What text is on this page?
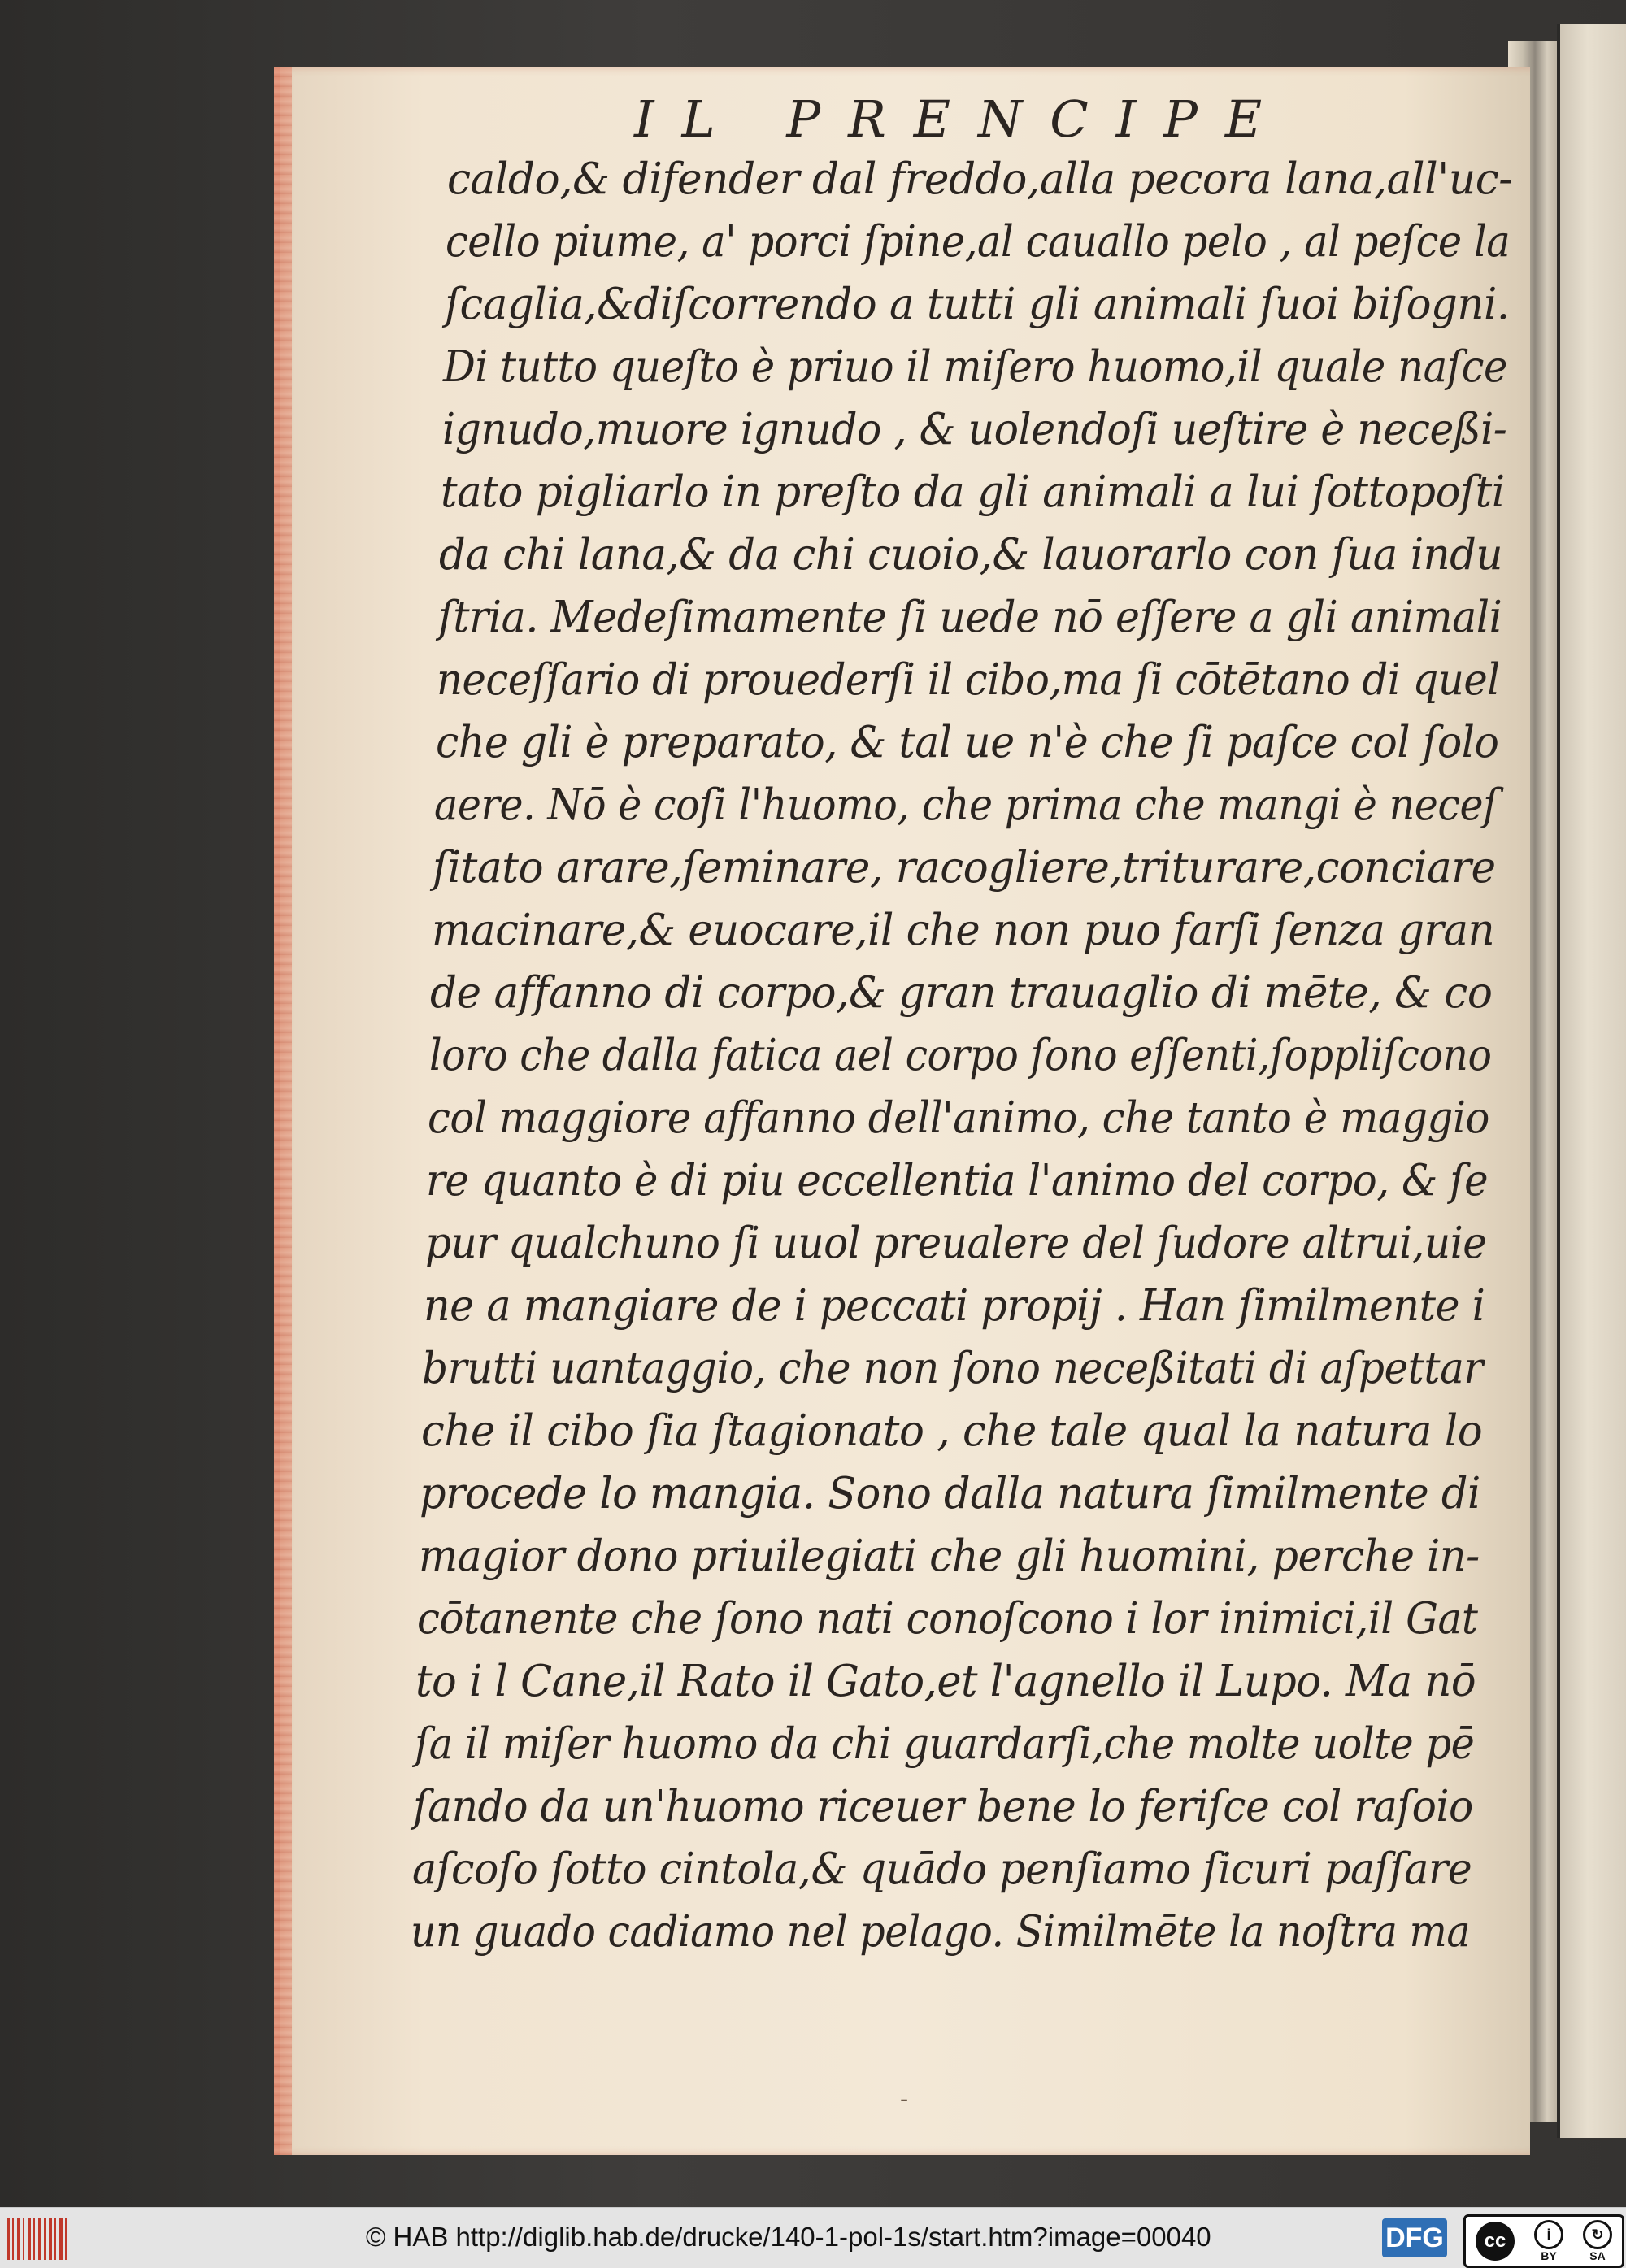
IL PRENCIPE
caldo,& difender dal freddo,alla pecora lana,all'uc-
cello piume, a' porci ſpine,al cauallo pelo , al peſce la
ſcaglia,&diſcorrendo a tutti gli animali ſuoi biſogni.
Di tutto queſto è priuo il miſero huomo,il quale naſce
ignudo,muore ignudo , & uolendoſi ueſtire è neceßi-
tato pigliarlo in preſto da gli animali a lui ſottopoſti
da chi lana,& da chi cuoio,& lauorarlo con ſua indu
ſtria. Medeſimamente ſi uede nō eſſere a gli animali
neceſſario di prouederſi il cibo,ma ſi cōtētano di quel
che gli è preparato, & tal ue n'è che ſi paſce col ſolo
aere. Nō è coſi l'huomo, che prima che mangi è neceſ
ſitato arare,ſeminare, racogliere,triturare,conciare
macinare,& euocare,il che non puo farſi ſenza gran
de affanno di corpo,& gran trauaglio di mēte, & co
loro che dalla fatica ael corpo ſono eſſenti,ſoppliſcono
col maggiore affanno dell'animo, che tanto è maggio
re quanto è di piu eccellentia l'animo del corpo, & ſe
pur qualchuno ſi uuol preualere del ſudore altrui,uie
ne a mangiare de i peccati propij . Han ſimilmente i
brutti uantaggio, che non ſono neceßitati di aſpettar
che il cibo ſia ſtagionato , che tale qual la natura lo
procede lo mangia. Sono dalla natura ſimilmente di
magior dono priuilegiati che gli huomini, perche in-
cōtanente che ſono nati conoſcono i lor inimici,il Gat
to i l Cane,il Rato il Gato,et l'agnello il Lupo. Ma nō
ſa il miſer huomo da chi guardarſi,che molte uolte pē
ſando da un'huomo riceuer bene lo feriſce col raſoio
aſcoſo ſotto cintola,& quādo penſiamo ſicuri paſſare
un guado cadiamo nel pelago. Similmēte la noſtra ma
-
© HAB http://diglib.hab.de/drucke/140-1-pol-1s/start.htm?image=00040	DFG	cc	i
BY
↻
SA
